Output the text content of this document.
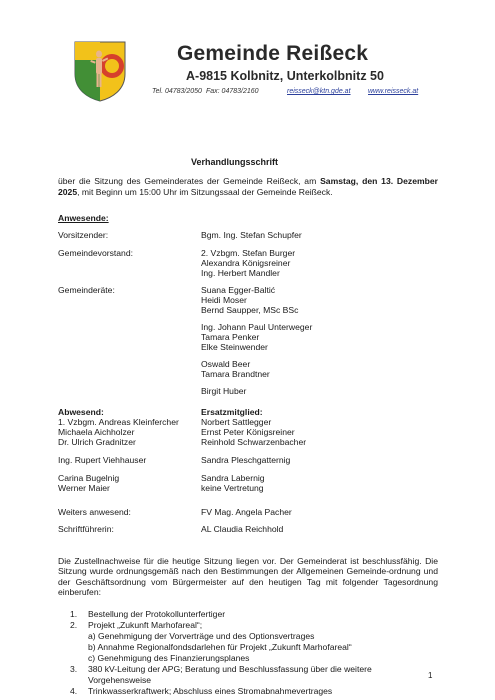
Gemeinde Reißeck
A-9815 Kolbnitz, Unterkolbnitz 50
Tel. 04783/2050 Fax: 04783/2160	reisseck@ktn.gde.at www.reisseck.at
Verhandlungsschrift
über die Sitzung des Gemeinderates der Gemeinde Reißeck, am Samstag, den 13. Dezember 2025, mit Beginn um 15:00 Uhr im Sitzungssaal der Gemeinde Reißeck.
Anwesende:
Vorsitzender:	Bgm. Ing. Stefan Schupfer
Gemeindevorstand:	2. Vzbgm. Stefan Burger
Alexandra Königsreiner
Ing. Herbert Mandler
Gemeinderäte:	Suana Egger-Baltić
Heidi Moser
Bernd Saupper, MSc BSc
Ing. Johann Paul Unterweger
Tamara Penker
Elke Steinwender
Oswald Beer
Tamara Brandtner
Birgit Huber
Abwesend:	Ersatzmitglied:
1. Vzbgm. Andreas Kleinfercher	Norbert Sattlegger
Michaela Aichholzer	Ernst Peter Königsreiner
Dr. Ulrich Gradnitzer	Reinhold Schwarzenbacher
Ing. Rupert Viehhauser	Sandra Pleschgatternig
Carina Bugelnig	Sandra Labernig
Werner Maier	keine Vertretung
Weiters anwesend:	FV Mag. Angela Pacher
Schriftführerin:	AL Claudia Reichhold
Die Zustellnachweise für die heutige Sitzung liegen vor. Der Gemeinderat ist beschlussfähig. Die Sitzung wurde ordnungsgemäß nach den Bestimmungen der Allgemeinen Gemeinde-ordnung und der Geschäftsordnung vom Bürgermeister auf den heutigen Tag mit folgender Tagesordnung einberufen:
1.	Bestellung der Protokollunterfertiger
2.	Projekt „Zukunft Marhofareal“;
a) Genehmigung der Vorverträge und des Optionsvertrages
b) Annahme Regionalfondsdarlehen für Projekt „Zukunft Marhofareal“
c) Genehmigung des Finanzierungsplanes
3.	380 kV-Leitung der APG; Beratung und Beschlussfassung über die weitere
Vorgehensweise
4.	Trinkwasserkraftwerk; Abschluss eines Stromabnahmevertrages
1
